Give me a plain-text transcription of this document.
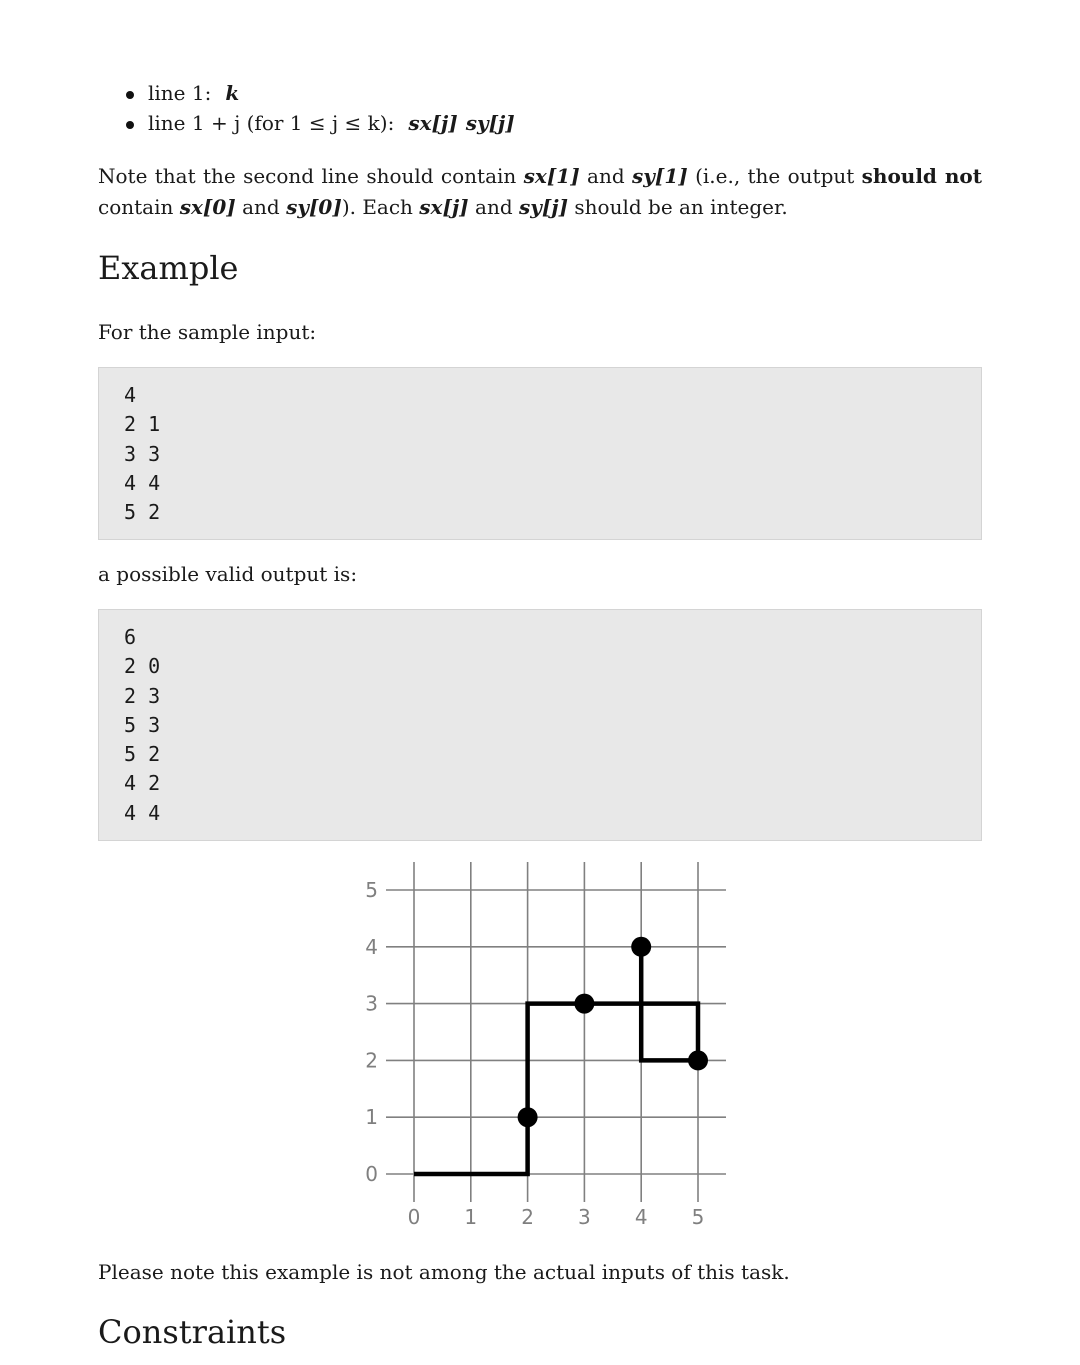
line 1: k
line 1 + j (for 1 ≤ j ≤ k): sx[j] sy[j]

Note that the second line should contain sx[1] and sy[1] (i.e., the output should not contain sx[0] and sy[0]). Each sx[j] and sy[j] should be an integer.

Example

For the sample input:

4
2 1
3 3
4 4
5 2

a possible valid output is:

6
2 0
2 3
5 3
5 2
4 2
4 4

Please note this example is not among the actual inputs of this task.

Constraints
0 1 2 3 4 5
0
1
2
3
4
5
